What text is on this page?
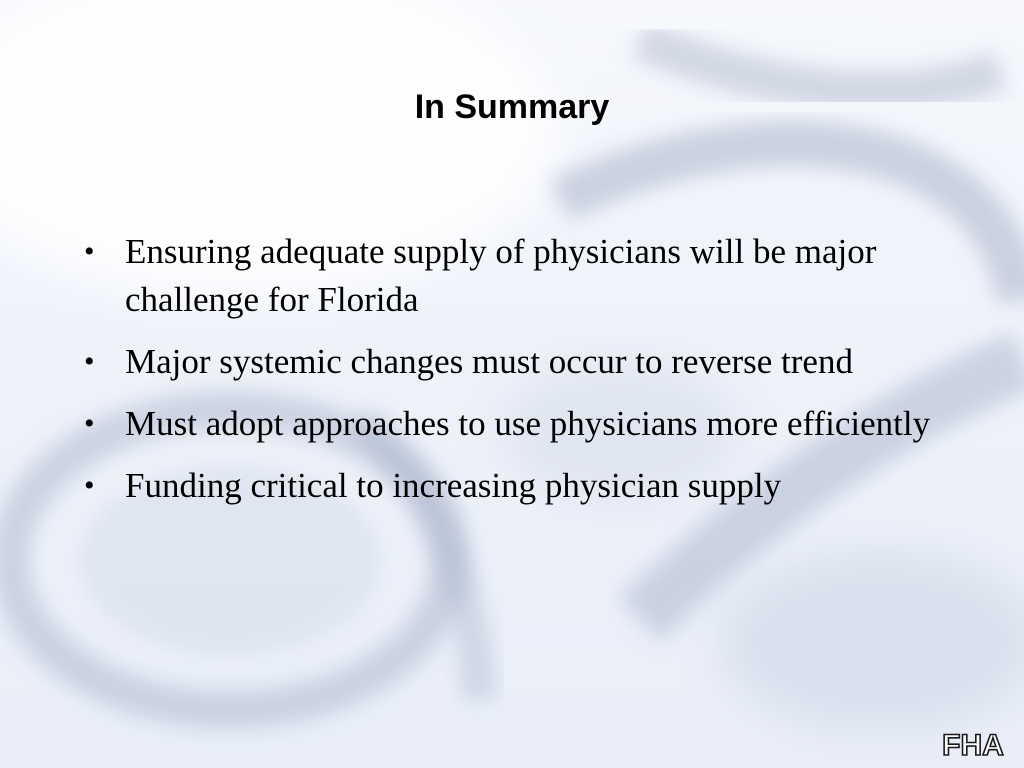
In Summary
• Ensuring adequate supply of physicians will be major challenge for Florida
• Major systemic changes must occur to reverse trend
• Must adopt approaches to use physicians more efficiently
• Funding critical to increasing physician supply
FHA
